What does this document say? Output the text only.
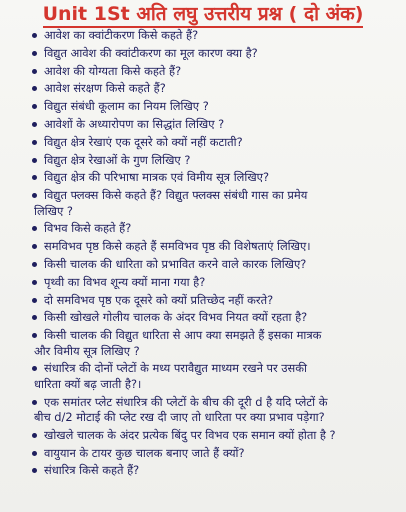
Unit 1St अति लघु उत्तरीय प्रश्न ( दो अंक)
आवेश का क्वांटीकरण किसे कहते हैं?
विद्युत आवेश की क्वांटीकरण का मूल कारण क्या है?
आवेश की योग्यता किसे कहते हैं?
आवेश संरक्षण किसे कहते हैं?
विद्युत संबंधी कूलाम का नियम लिखिए ?
आवेशों के अध्यारोपण का सिद्धांत लिखिए ?
विद्युत क्षेत्र रेखाएं एक दूसरे को क्यों नहीं कटाती?
विद्युत क्षेत्र रेखाओं के गुण लिखिए ?
विद्युत क्षेत्र की परिभाषा मात्रक एवं विमीय सूत्र लिखिए?
विद्युत फ्लक्स किसे कहते हैं? विद्युत फ्लक्स संबंधी गास का प्रमेय
लिखिए ?
विभव किसे कहते हैं?
समविभव पृष्ठ किसे कहते हैं समविभव पृष्ठ की विशेषताएं लिखिए।
किसी चालक की धारिता को प्रभावित करने वाले कारक लिखिए?
पृथ्वी का विभव शून्य क्यों माना गया है?
दो समविभव पृष्ठ एक दूसरे को क्यों प्रतिच्छेद नहीं करते?
किसी खोखले गोलीय चालक के अंदर विभव नियत क्यों रहता है?
किसी चालक की विद्युत धारिता से आप क्या समझते हैं इसका मात्रक
और विमीय सूत्र लिखिए ?
संधारित्र की दोनों प्लेटों के मध्य परावैद्युत माध्यम रखने पर उसकी
धारिता क्यों बढ़ जाती है?।
एक समांतर प्लेट संधारित्र की प्लेटों के बीच की दूरी d है यदि प्लेटों के
बीच d/2 मोटाई की प्लेट रख दी जाए तो धारिता पर क्या प्रभाव पड़ेगा?
खोखले चालक के अंदर प्रत्येक बिंदु पर विभव एक समान क्यों होता है ?
वायुयान के टायर कुछ चालक बनाए जाते हैं क्यों?
संधारित्र किसे कहते हैं?
